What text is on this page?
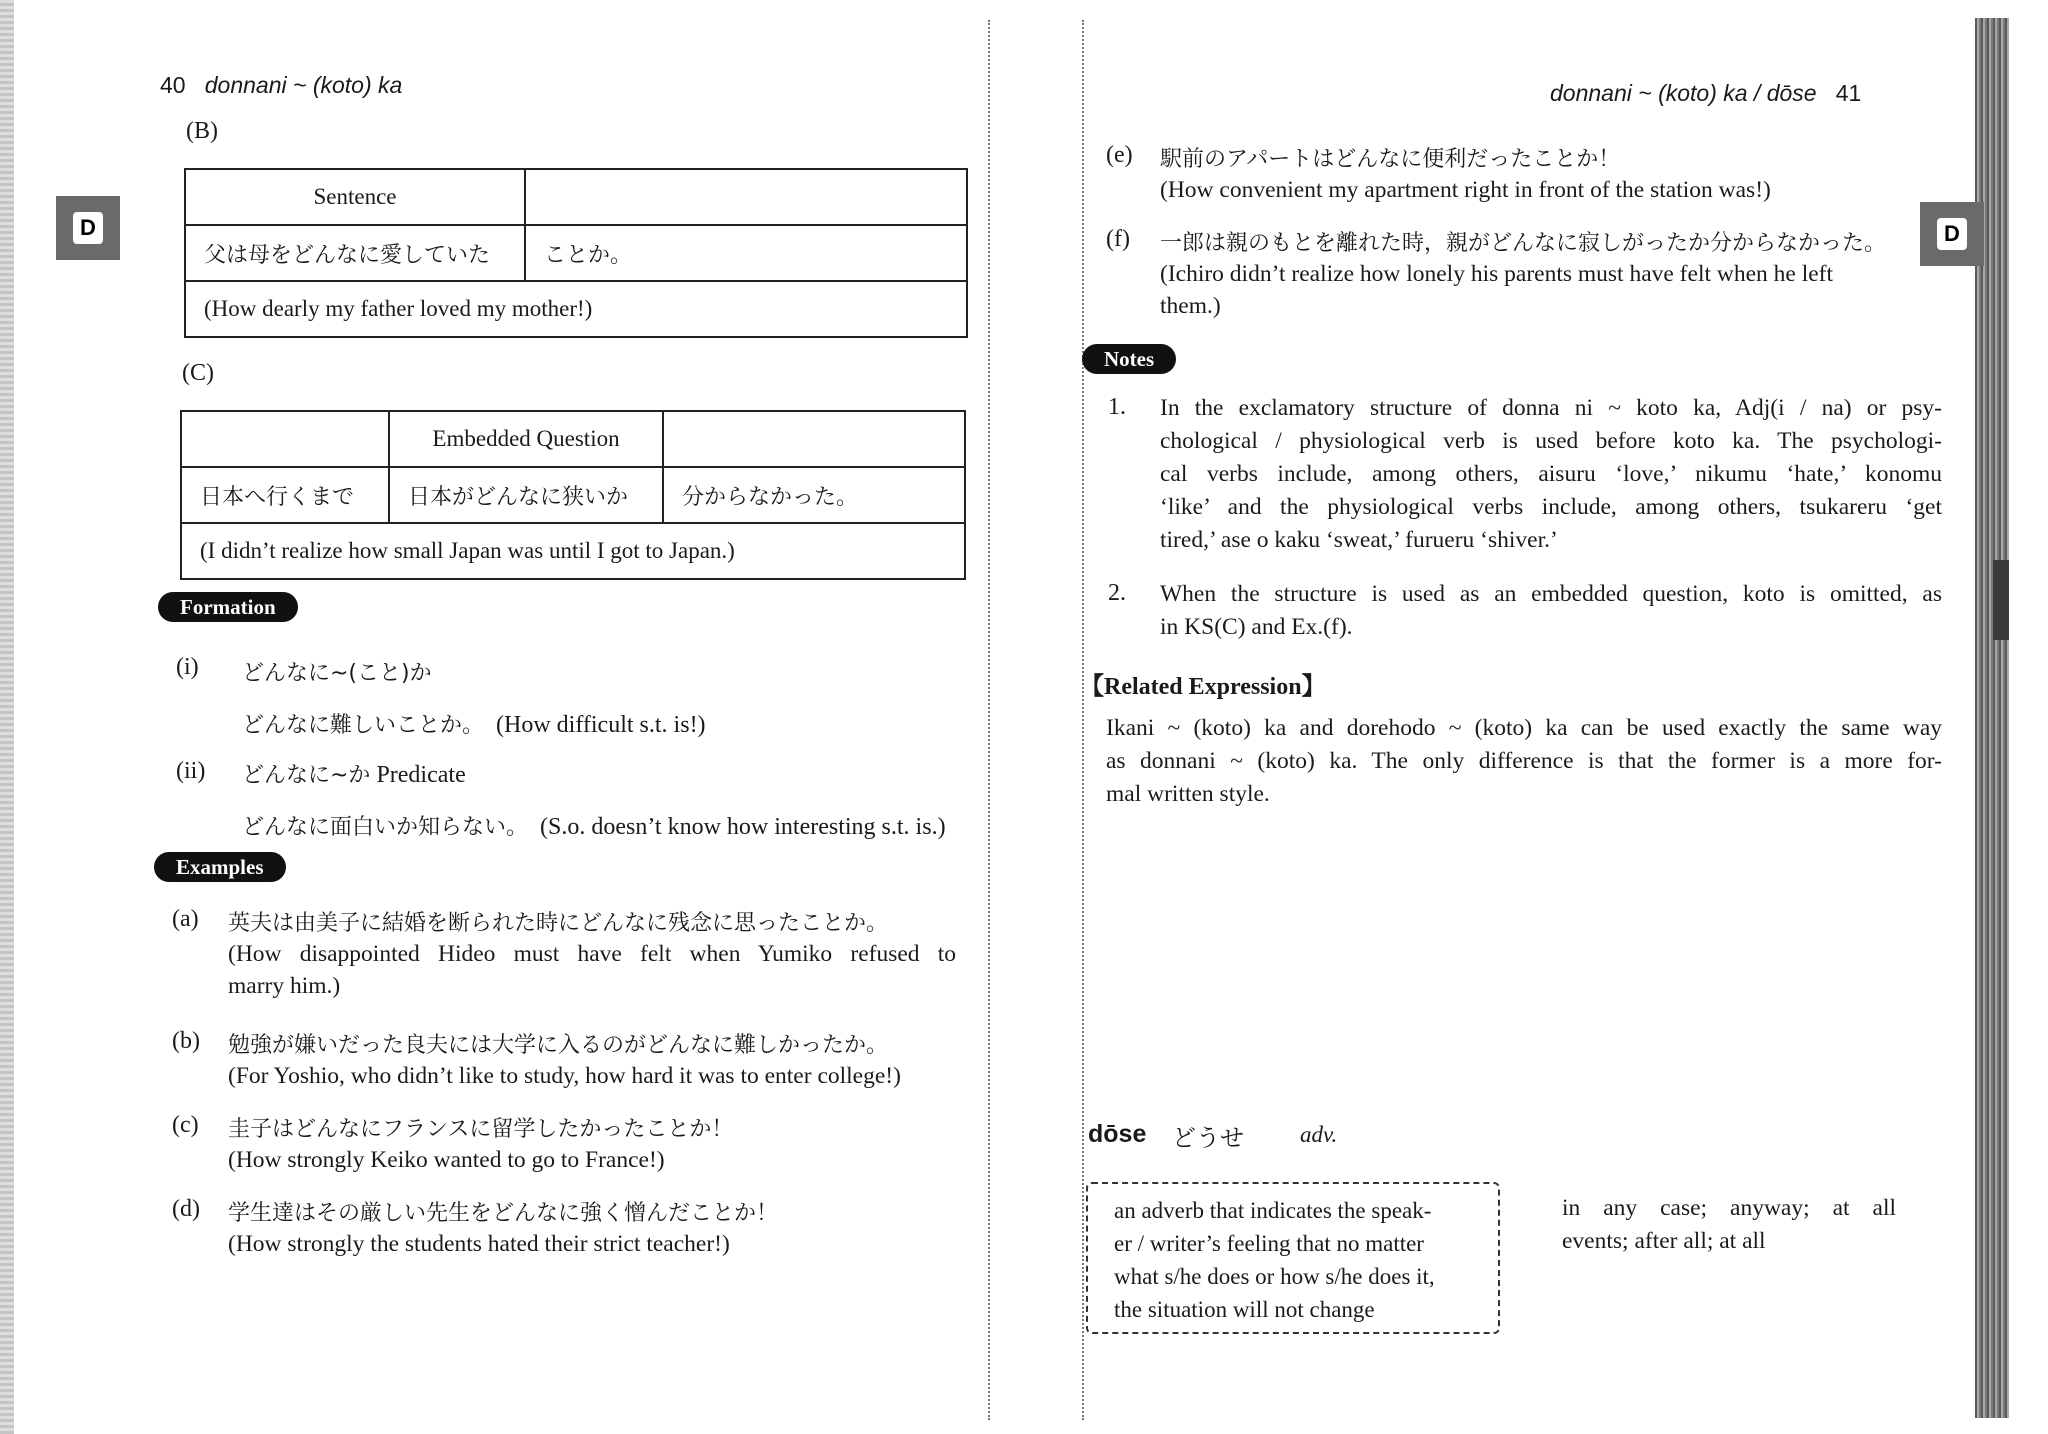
40 donnani ~ (koto) ka
D
(B)
Sentence	
父は母をどんなに愛していた	ことか。
(How dearly my father loved my mother!)	
(C)
	Embedded Question	
日本へ行くまで	日本がどんなに狭いか	分からなかった。
(I didn’t realize how small Japan was until I got to Japan.)		
Formation
(i) どんなに~(こと)か
どんなに難しいことか。 (How difficult s.t. is!)
(ii) どんなに~か Predicate
どんなに面白いか知らない。 (S.o. doesn’t know how interesting s.t. is.)
Examples
(a) 英夫は由美子に結婚を断られた時にどんなに残念に思ったことか。
(How disappointed Hideo must have felt when Yumiko refused to
marry him.)
(b) 勉強が嫌いだった良夫には大学に入るのがどんなに難しかったか。
(For Yoshio, who didn’t like to study, how hard it was to enter college!)
(c) 圭子はどんなにフランスに留学したかったことか！
(How strongly Keiko wanted to go to France!)
(d) 学生達はその厳しい先生をどんなに強く憎んだことか！
(How strongly the students hated their strict teacher!)
donnani ~ (koto) ka / dōse 41
D
(e) 駅前のアパートはどんなに便利だったことか！
(How convenient my apartment right in front of the station was!)
(f) 一郎は親のもとを離れた時，親がどんなに寂しがったか分からなかった。
(Ichiro didn’t realize how lonely his parents must have felt when he left
them.)
Notes
1. In the exclamatory structure of donna ni ~ koto ka, Adj(i / na) or psy-
chological / physiological verb is used before koto ka. The psychologi-
cal verbs include, among others, aisuru ‘love,’ nikumu ‘hate,’ konomu
‘like’ and the physiological verbs include, among others, tsukareru ‘get
tired,’ ase o kaku ‘sweat,’ furueru ‘shiver.’
2. When the structure is used as an embedded question, koto is omitted, as
in KS(C) and Ex.(f).
【Related Expression】
Ikani ~ (koto) ka and dorehodo ~ (koto) ka can be used exactly the same way
as donnani ~ (koto) ka. The only difference is that the former is a more for-
mal written style.
dōse どうせ adv.
an adverb that indicates the speak-
er / writer’s feeling that no matter
what s/he does or how s/he does it,
the situation will not change
in any case; anyway; at all
events; after all; at all
